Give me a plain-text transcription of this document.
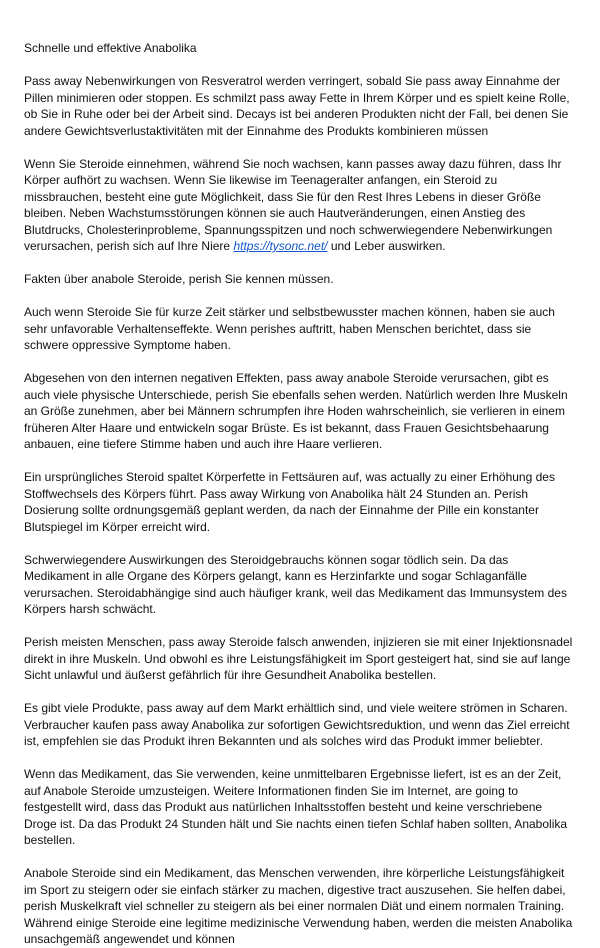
Schnelle und effektive Anabolika

Pass away Nebenwirkungen von Resveratrol werden verringert, sobald Sie pass away Einnahme der Pillen minimieren oder stoppen. Es schmilzt pass away Fette in Ihrem Körper und es spielt keine Rolle, ob Sie in Ruhe oder bei der Arbeit sind. Decays ist bei anderen Produkten nicht der Fall, bei denen Sie andere Gewichtsverlustaktivitäten mit der Einnahme des Produkts kombinieren müssen

Wenn Sie Steroide einnehmen, während Sie noch wachsen, kann passes away dazu führen, dass Ihr Körper aufhört zu wachsen. Wenn Sie likewise im Teenageralter anfangen, ein Steroid zu missbrauchen, besteht eine gute Möglichkeit, dass Sie für den Rest Ihres Lebens in dieser Größe bleiben. Neben Wachstumsstörungen können sie auch Hautveränderungen, einen Anstieg des Blutdrucks, Cholesterinprobleme, Spannungsspitzen und noch schwerwiegendere Nebenwirkungen verursachen, perish sich auf Ihre Niere https://tysonc.net/ und Leber auswirken.

Fakten über anabole Steroide, perish Sie kennen müssen.

Auch wenn Steroide Sie für kurze Zeit stärker und selbstbewusster machen können, haben sie auch sehr unfavorable Verhaltenseffekte. Wenn perishes auftritt, haben Menschen berichtet, dass sie schwere oppressive Symptome haben.

Abgesehen von den internen negativen Effekten, pass away anabole Steroide verursachen, gibt es auch viele physische Unterschiede, perish Sie ebenfalls sehen werden. Natürlich werden Ihre Muskeln an Größe zunehmen, aber bei Männern schrumpfen ihre Hoden wahrscheinlich, sie verlieren in einem früheren Alter Haare und entwickeln sogar Brüste. Es ist bekannt, dass Frauen Gesichtsbehaarung anbauen, eine tiefere Stimme haben und auch ihre Haare verlieren.

Ein ursprüngliches Steroid spaltet Körperfette in Fettsäuren auf, was actually zu einer Erhöhung des Stoffwechsels des Körpers führt. Pass away Wirkung von Anabolika hält 24 Stunden an. Perish Dosierung sollte ordnungsgemäß geplant werden, da nach der Einnahme der Pille ein konstanter Blutspiegel im Körper erreicht wird.

Schwerwiegendere Auswirkungen des Steroidgebrauchs können sogar tödlich sein. Da das Medikament in alle Organe des Körpers gelangt, kann es Herzinfarkte und sogar Schlaganfälle verursachen. Steroidabhängige sind auch häufiger krank, weil das Medikament das Immunsystem des Körpers harsh schwächt.

Perish meisten Menschen, pass away Steroide falsch anwenden, injizieren sie mit einer Injektionsnadel direkt in ihre Muskeln. Und obwohl es ihre Leistungsfähigkeit im Sport gesteigert hat, sind sie auf lange Sicht unlawful und äußerst gefährlich für ihre Gesundheit Anabolika bestellen.

Es gibt viele Produkte, pass away auf dem Markt erhältlich sind, und viele weitere strömen in Scharen. Verbraucher kaufen pass away Anabolika zur sofortigen Gewichtsreduktion, und wenn das Ziel erreicht ist, empfehlen sie das Produkt ihren Bekannten und als solches wird das Produkt immer beliebter.

Wenn das Medikament, das Sie verwenden, keine unmittelbaren Ergebnisse liefert, ist es an der Zeit, auf Anabole Steroide umzusteigen. Weitere Informationen finden Sie im Internet, are going to festgestellt wird, dass das Produkt aus natürlichen Inhaltsstoffen besteht und keine verschriebene Droge ist. Da das Produkt 24 Stunden hält und Sie nachts einen tiefen Schlaf haben sollten, Anabolika bestellen.

Anabole Steroide sind ein Medikament, das Menschen verwenden, ihre körperliche Leistungsfähigkeit im Sport zu steigern oder sie einfach stärker zu machen, digestive tract auszusehen. Sie helfen dabei, perish Muskelkraft viel schneller zu steigern als bei einer normalen Diät und einem normalen Training. Während einige Steroide eine legitime medizinische Verwendung haben, werden die meisten Anabolika unsachgemäß angewendet und können
